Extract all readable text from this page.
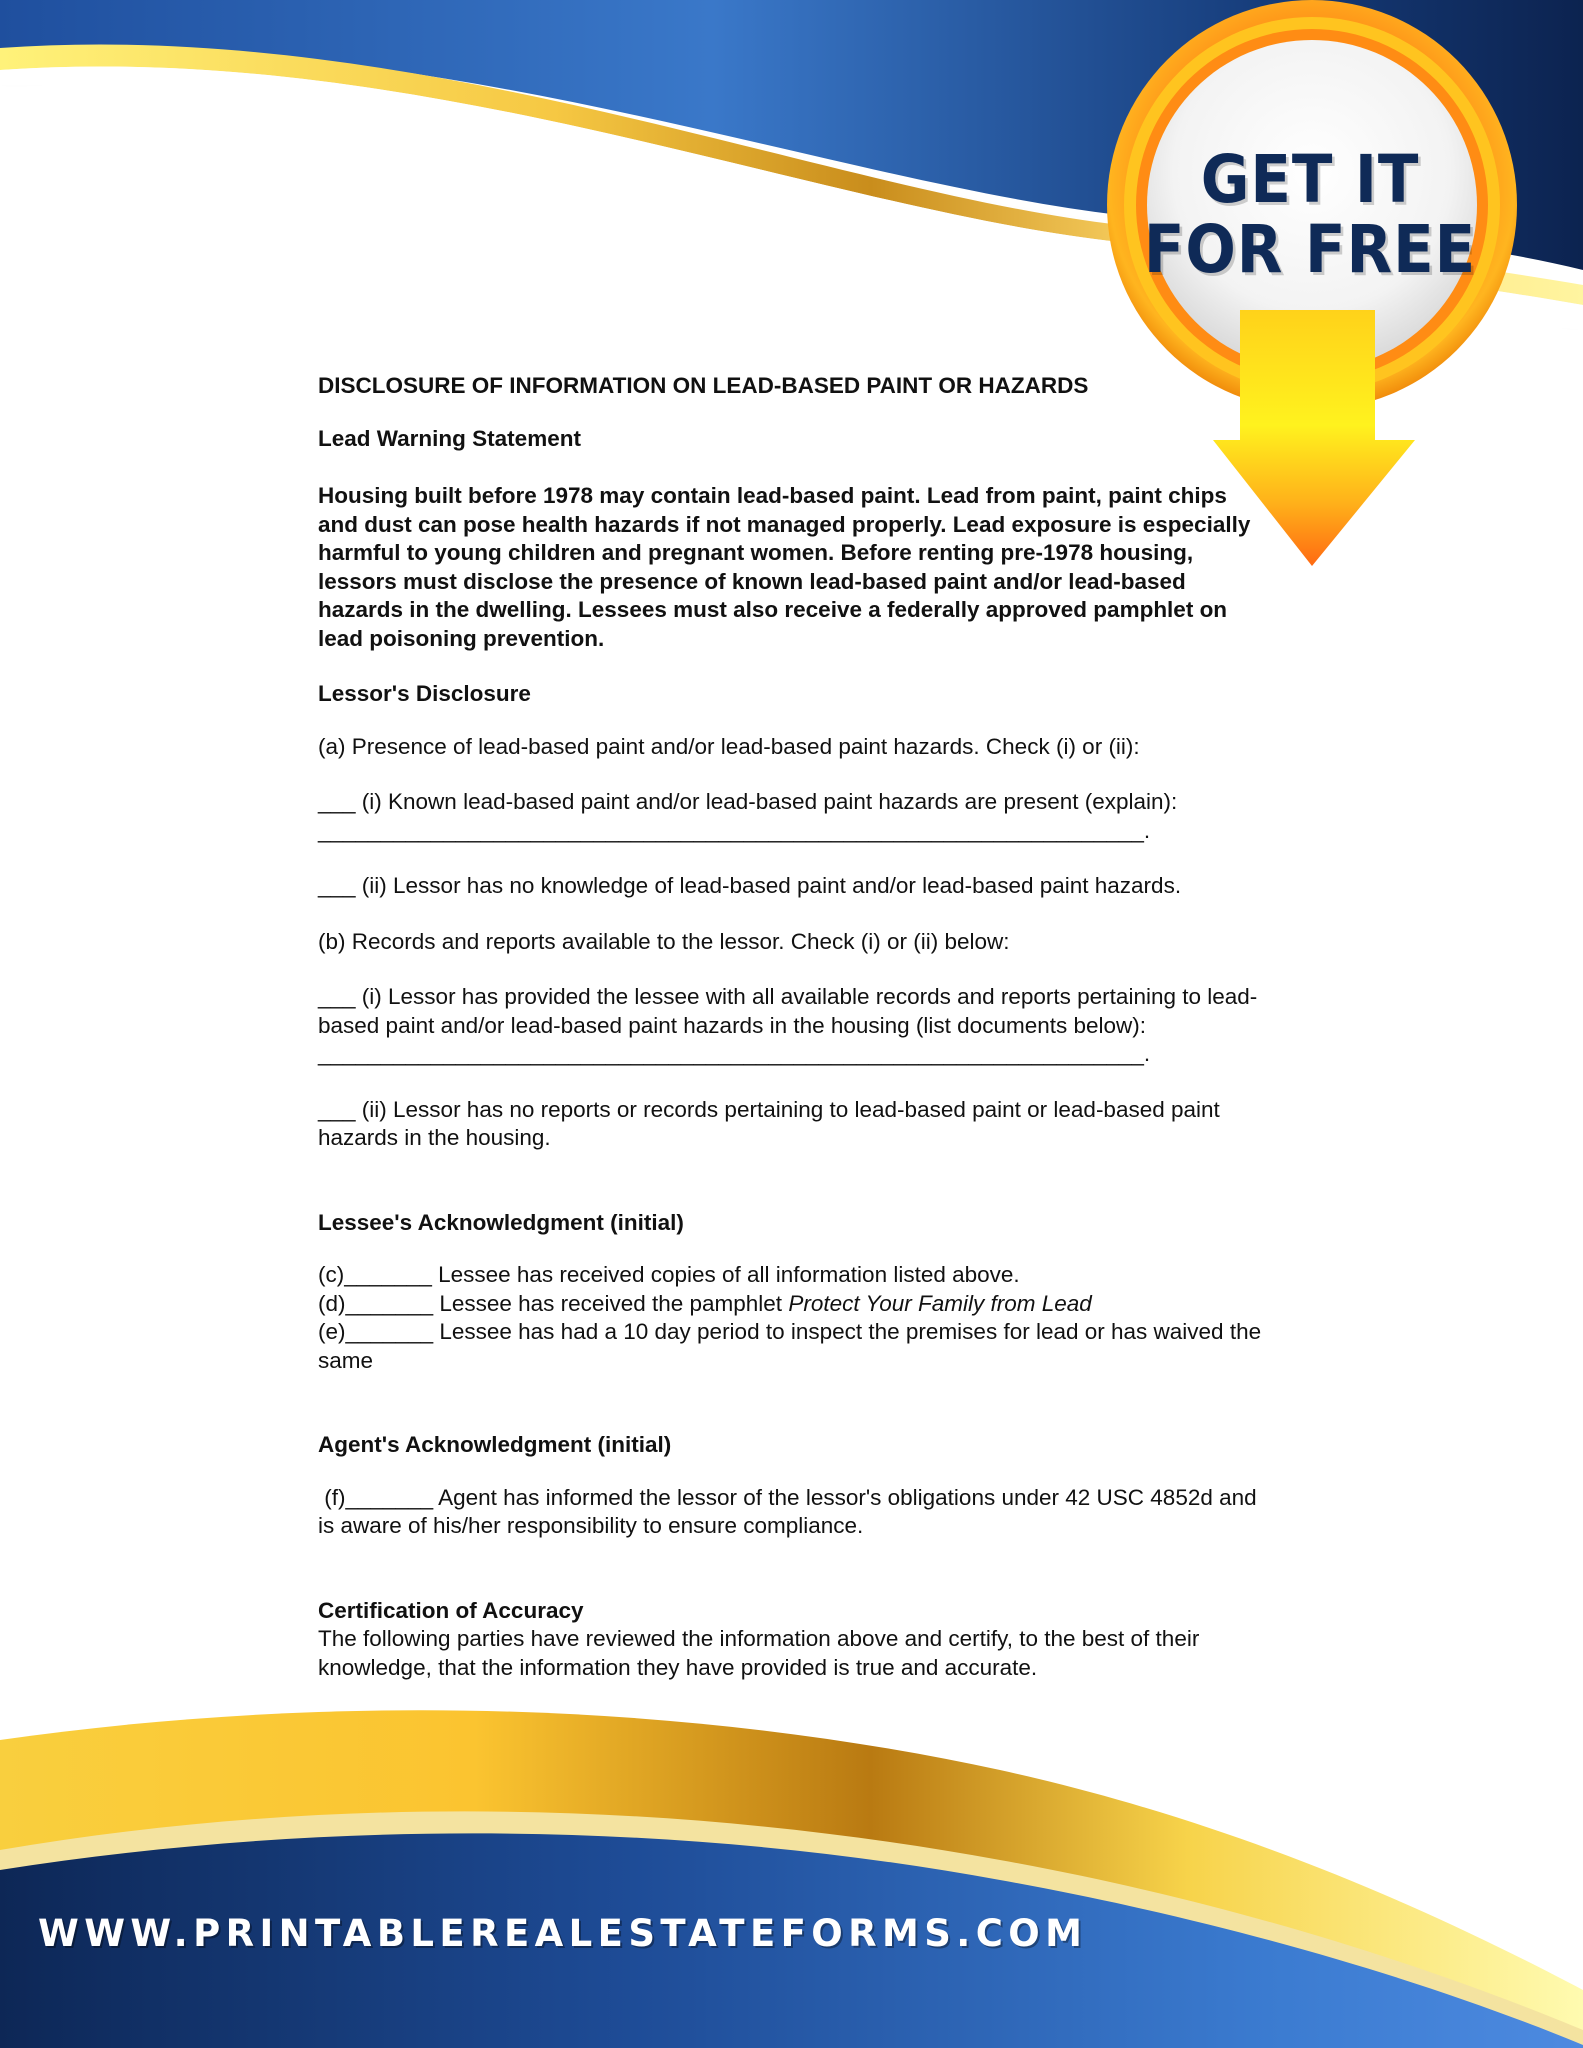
GET IT
FOR FREE

DISCLOSURE OF INFORMATION ON LEAD-BASED PAINT OR HAZARDS

Lead Warning Statement

Housing built before 1978 may contain lead-based paint. Lead from paint, paint chips and dust can pose health hazards if not managed properly. Lead exposure is especially harmful to young children and pregnant women. Before renting pre-1978 housing, lessors must disclose the presence of known lead-based paint and/or lead-based hazards in the dwelling. Lessees must also receive a federally approved pamphlet on lead poisoning prevention.

Lessor's Disclosure

(a) Presence of lead-based paint and/or lead-based paint hazards. Check (i) or (ii):

___ (i) Known lead-based paint and/or lead-based paint hazards are present (explain):

__________________________________________________________________.

___ (ii) Lessor has no knowledge of lead-based paint and/or lead-based paint hazards.

(b) Records and reports available to the lessor. Check (i) or (ii) below:

___ (i) Lessor has provided the lessee with all available records and reports pertaining to lead-based paint and/or lead-based paint hazards in the housing (list documents below):

__________________________________________________________________.

___ (ii) Lessor has no reports or records pertaining to lead-based paint or lead-based paint hazards in the housing.

Lessee's Acknowledgment (initial)

(c)_______ Lessee has received copies of all information listed above.

(d)_______ Lessee has received the pamphlet Protect Your Family from Lead

(e)_______ Lessee has had a 10 day period to inspect the premises for lead or has waived the same

Agent's Acknowledgment (initial)

(f)_______ Agent has informed the lessor of the lessor's obligations under 42 USC 4852d and is aware of his/her responsibility to ensure compliance.

Certification of Accuracy

The following parties have reviewed the information above and certify, to the best of their knowledge, that the information they have provided is true and accurate.

WWW.PRINTABLEREALESTATEFORMS.COM
